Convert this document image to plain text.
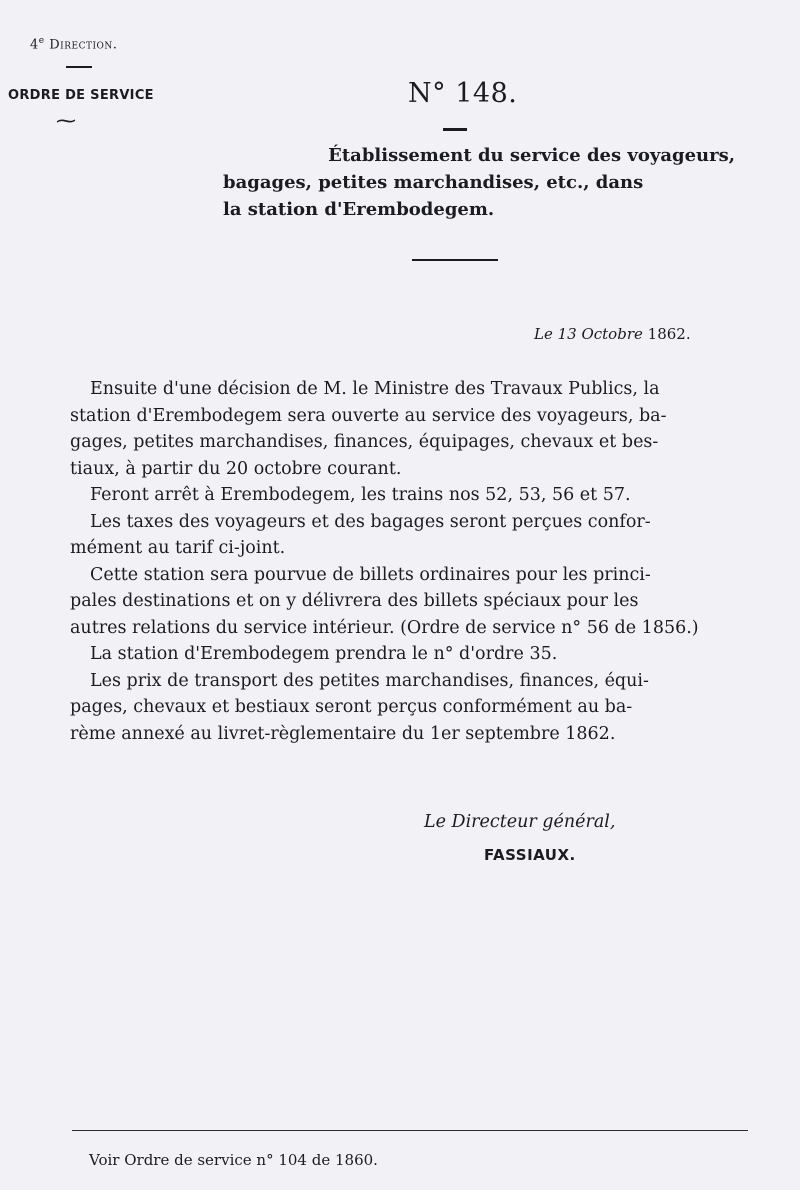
4e Direction.
ORDRE DE SERVICE
⁓
N° 148.
Établissement du service des voyageurs,
bagages, petites marchandises, etc., dans
la station d'Erembodegem.
Le 13 Octobre 1862.
Ensuite d'une décision de M. le Ministre des Travaux Publics, la
station d'Erembodegem sera ouverte au service des voyageurs, ba-
gages, petites marchandises, finances, équipages, chevaux et bes-
tiaux, à partir du 20 octobre courant.
Feront arrêt à Erembodegem, les trains nos 52, 53, 56 et 57.
Les taxes des voyageurs et des bagages seront perçues confor-
mément au tarif ci-joint.
Cette station sera pourvue de billets ordinaires pour les princi-
pales destinations et on y délivrera des billets spéciaux pour les
autres relations du service intérieur. (Ordre de service n° 56 de 1856.)
La station d'Erembodegem prendra le n° d'ordre 35.
Les prix de transport des petites marchandises, finances, équi-
pages, chevaux et bestiaux seront perçus conformément au ba-
rème annexé au livret-règlementaire du 1er septembre 1862.
Le Directeur général,
FASSIAUX.
Voir Ordre de service n° 104 de 1860.
